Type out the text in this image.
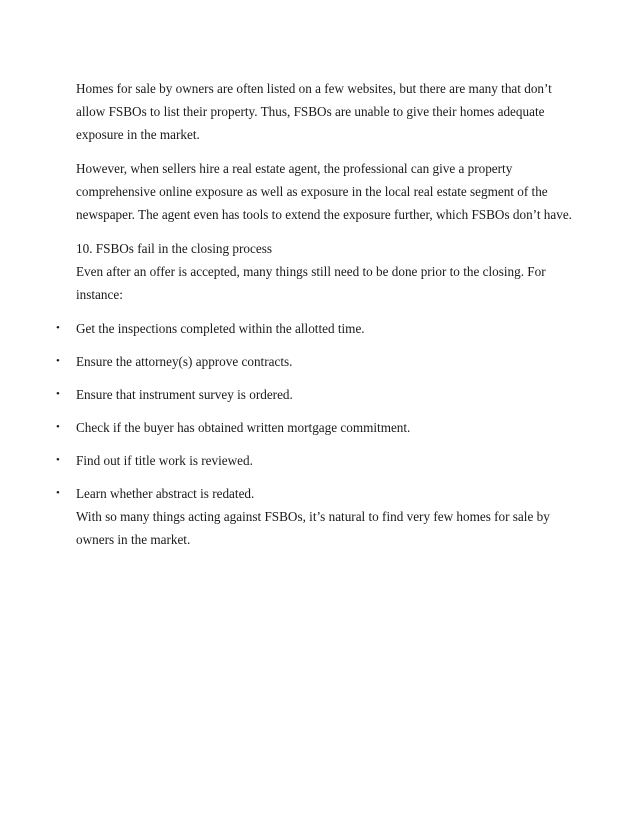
Homes for sale by owners are often listed on a few websites, but there are many that don’t allow FSBOs to list their property. Thus, FSBOs are unable to give their homes adequate exposure in the market.

However, when sellers hire a real estate agent, the professional can give a property comprehensive online exposure as well as exposure in the local real estate segment of the newspaper. The agent even has tools to extend the exposure further, which FSBOs don’t have.

10. FSBOs fail in the closing process
Even after an offer is accepted, many things still need to be done prior to the closing. For instance:
• Get the inspections completed within the allotted time.
• Ensure the attorney(s) approve contracts.
• Ensure that instrument survey is ordered.
• Check if the buyer has obtained written mortgage commitment.
• Find out if title work is reviewed.
• Learn whether abstract is redated.
With so many things acting against FSBOs, it’s natural to find very few homes for sale by owners in the market.
